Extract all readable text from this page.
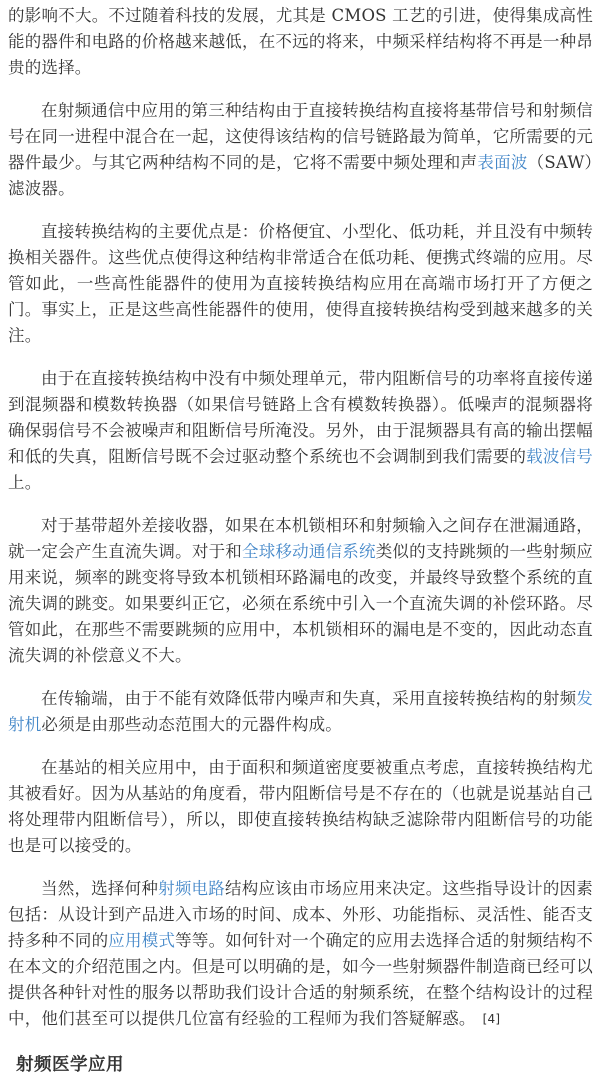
的影响不大。不过随着科技的发展，尤其是 CMOS 工艺的引进，使得集成高性能的器件和电路的价格越来越低，在不远的将来，中频采样结构将不再是一种昂贵的选择。

在射频通信中应用的第三种结构由于直接转换结构直接将基带信号和射频信号在同一进程中混合在一起，这使得该结构的信号链路最为简单，它所需要的元器件最少。与其它两种结构不同的是，它将不需要中频处理和声表面波（SAW）滤波器。

直接转换结构的主要优点是：价格便宜、小型化、低功耗，并且没有中频转换相关器件。这些优点使得这种结构非常适合在低功耗、便携式终端的应用。尽管如此，一些高性能器件的使用为直接转换结构应用在高端市场打开了方便之门。事实上，正是这些高性能器件的使用，使得直接转换结构受到越来越多的关注。

由于在直接转换结构中没有中频处理单元，带内阻断信号的功率将直接传递到混频器和模数转换器（如果信号链路上含有模数转换器）。低噪声的混频器将确保弱信号不会被噪声和阻断信号所淹没。另外，由于混频器具有高的输出摆幅和低的失真，阻断信号既不会过驱动整个系统也不会调制到我们需要的载波信号上。

对于基带超外差接收器，如果在本机锁相环和射频输入之间存在泄漏通路，就一定会产生直流失调。对于和全球移动通信系统类似的支持跳频的一些射频应用来说，频率的跳变将导致本机锁相环路漏电的改变，并最终导致整个系统的直流失调的跳变。如果要纠正它，必须在系统中引入一个直流失调的补偿环路。尽管如此，在那些不需要跳频的应用中，本机锁相环的漏电是不变的，因此动态直流失调的补偿意义不大。

在传输端，由于不能有效降低带内噪声和失真，采用直接转换结构的射频发射机必须是由那些动态范围大的元器件构成。

在基站的相关应用中，由于面积和频道密度要被重点考虑，直接转换结构尤其被看好。因为从基站的角度看，带内阻断信号是不存在的（也就是说基站自己将处理带内阻断信号），所以，即使直接转换结构缺乏滤除带内阻断信号的功能也是可以接受的。

当然，选择何种射频电路结构应该由市场应用来决定。这些指导设计的因素包括：从设计到产品进入市场的时间、成本、外形、功能指标、灵活性、能否支持多种不同的应用模式等等。如何针对一个确定的应用去选择合适的射频结构不在本文的介绍范围之内。但是可以明确的是，如今一些射频器件制造商已经可以提供各种针对性的服务以帮助我们设计合适的射频系统，在整个结构设计的过程中，他们甚至可以提供几位富有经验的工程师为我们答疑解惑。 [4]

射频医学应用
